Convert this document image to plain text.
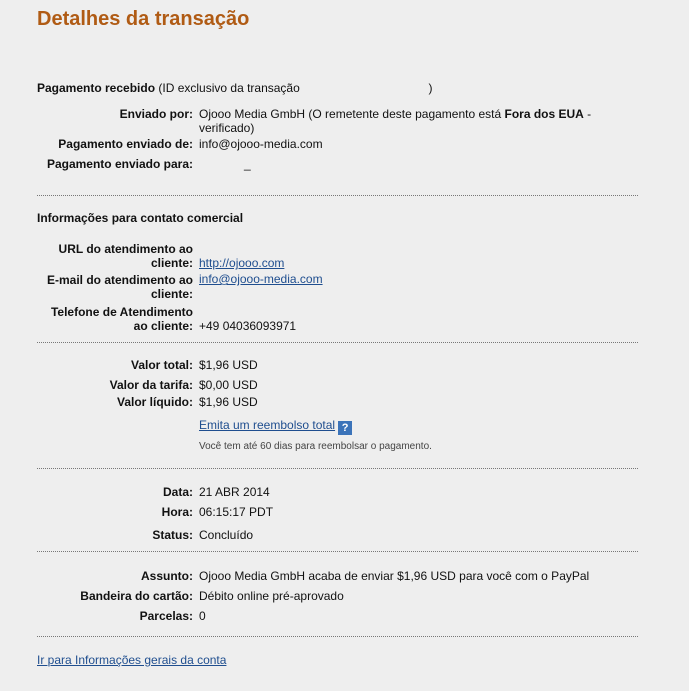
Detalhes da transação
Pagamento recebido (ID exclusivo da transação	)
Enviado por: Ojooo Media GmbH (O remetente deste pagamento está Fora dos EUA -
verificado)
Pagamento enviado de: info@ojooo-media.com
Pagamento enviado para:	_
Informações para contato comercial
URL do atendimento ao
cliente: http://ojooo.com
E-mail do atendimento ao
cliente:
info@ojooo-media.com
Telefone de Atendimento
ao cliente: +49 04036093971
Valor total: $1,96 USD
Valor da tarifa: $0,00 USD
Valor líquido: $1,96 USD
Emita um reembolso total ?
Você tem até 60 dias para reembolsar o pagamento.
Data: 21 ABR 2014
Hora: 06:15:17 PDT
Status: Concluído
Assunto: Ojooo Media GmbH acaba de enviar $1,96 USD para você com o PayPal
Bandeira do cartão: Débito online pré-aprovado
Parcelas: 0
Ir para Informações gerais da conta
